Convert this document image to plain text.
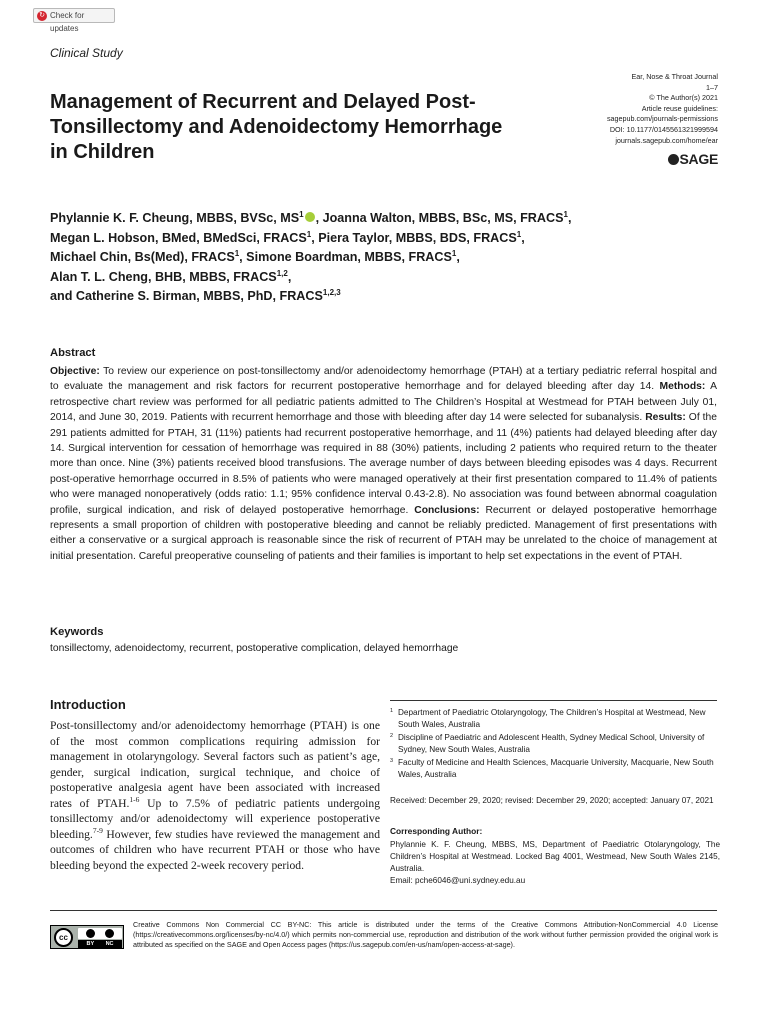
↻ Check for updates
Clinical Study
Ear, Nose & Throat Journal
1–7
© The Author(s) 2021
Article reuse guidelines:
sagepub.com/journals-permissions
DOI: 10.1177/0145561321999594
journals.sagepub.com/home/ear
SAGE
Management of Recurrent and Delayed Post-Tonsillectomy and Adenoidectomy Hemorrhage in Children
Phylannie K. F. Cheung, MBBS, BVSc, $MS^1$ , Joanna Walton, MBBS, BSc, MS, FRACS$^1$,
Megan L. Hobson, BMed, BMedSci, FRACS$^1$, Piera Taylor, MBBS, BDS, FRACS$^1$,
Michael Chin, Bs(Med), FRACS$^1$, Simone Boardman, MBBS, FRACS$^1$,
Alan T. L. Cheng, BHB, MBBS, FRACS$^{1,2}$,
and Catherine S. Birman, MBBS, PhD, FRACS$^{1,2,3}$
Abstract

Objective: To review our experience on post-tonsillectomy and/or adenoidectomy hemorrhage (PTAH) at a tertiary pediatric referral hospital and to evaluate the management and risk factors for recurrent postoperative hemorrhage and for delayed bleeding after day 14. Methods: A retrospective chart review was performed for all pediatric patients admitted to The Children’s Hospital at Westmead for PTAH between July 01, 2014, and June 30, 2019. Patients with recurrent hemorrhage and those with bleeding after day 14 were selected for subanalysis. Results: Of the 291 patients admitted for PTAH, 31 (11%) patients had recurrent postoperative hemorrhage, and 11 (4%) patients had delayed bleeding after day 14. Surgical intervention for cessation of hemorrhage was required in 88 (30%) patients, including 2 patients who required return to the theater more than once. Nine (3%) patients received blood transfusions. The average number of days between bleeding episodes was 4 days. Recurrent post-operative hemorrhage occurred in 8.5% of patients who were managed operatively at their first presentation compared to 11.4% of patients who were managed nonoperatively (odds ratio: 1.1; 95% confidence interval 0.43-2.8). No association was found between abnormal coagulation profile, surgical indication, and risk of delayed postoperative hemorrhage. Conclusions: Recurrent or delayed postoperative hemorrhage represents a small proportion of children with postoperative bleeding and cannot be reliably predicted. Management of first presentations with either a conservative or a surgical approach is reasonable since the risk of recurrent of PTAH may be unrelated to the choice of management at initial presentation. Careful preoperative counseling of patients and their families is important to help set expectations in the event of PTAH.

Keywords
tonsillectomy, adenoidectomy, recurrent, postoperative complication, delayed hemorrhage
Introduction

Post-tonsillectomy and/or adenoidectomy hemorrhage (PTAH) is one of the most common complications requiring admission for management in otolaryngology. Several factors such as patient’s age, gender, surgical indication, surgical technique, and choice of postoperative analgesia agent have been associated with increased rates of PTAH.$^{1-6}$ Up to 7.5% of pediatric patients undergoing tonsillectomy and/or adenoidectomy will experience postoperative bleeding.$^{7-9}$ However, few studies have reviewed the management and outcomes of children who have recurrent PTAH or those who have bleeding beyond the expected 2-week recovery period.

$^1$ Department of Paediatric Otolaryngology, The Children’s Hospital at Westmead, New South Wales, Australia
$^2$ Discipline of Paediatric and Adolescent Health, Sydney Medical School, University of Sydney, New South Wales, Australia
$^3$ Faculty of Medicine and Health Sciences, Macquarie University, Macquarie, New South Wales, Australia
Received: December 29, 2020; revised: December 29, 2020; accepted: January 07, 2021
Corresponding Author:
Phylannie K. F. Cheung, MBBS, MS, Department of Paediatric Otolaryngology, The Children’s Hospital at Westmead. Locked Bag 4001, Westmead, New South Wales 2145, Australia.
Email: pche6046@uni.sydney.edu.au
cc
BY NC
Creative Commons Non Commercial CC BY-NC: This article is distributed under the terms of the Creative Commons Attribution-NonCommercial 4.0 License (https://creativecommons.org/licenses/by-nc/4.0/) which permits non-commercial use, reproduction and distribution of the work without further permission provided the original work is attributed as specified on the SAGE and Open Access pages (https://us.sagepub.com/en-us/nam/open-access-at-sage).
